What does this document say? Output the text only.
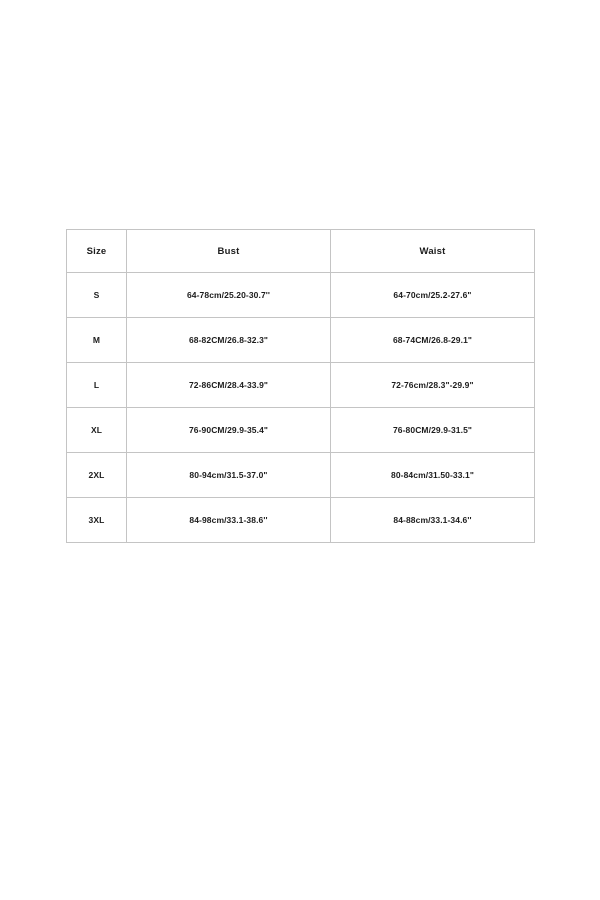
Size	Bust	Waist
S	64-78cm/25.20-30.7''	64-70cm/25.2-27.6"
M	68-82CM/26.8-32.3"	68-74CM/26.8-29.1"
L	72-86CM/28.4-33.9"	72-76cm/28.3"-29.9"
XL	76-90CM/29.9-35.4"	76-80CM/29.9-31.5"
2XL	80-94cm/31.5-37.0"	80-84cm/31.50-33.1"
3XL	84-98cm/33.1-38.6''	84-88cm/33.1-34.6''
